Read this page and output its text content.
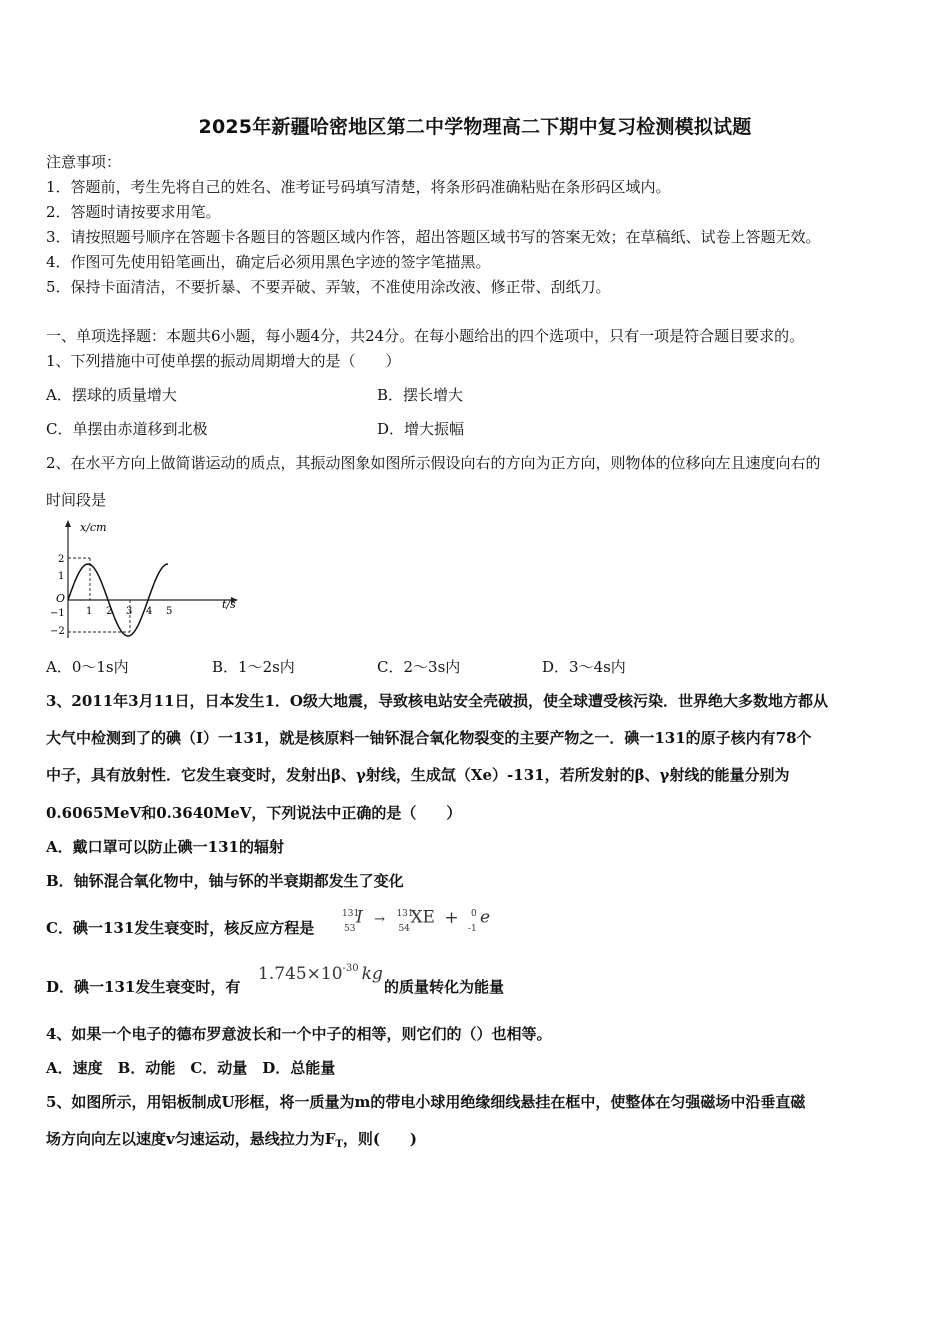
2025年新疆哈密地区第二中学物理高二下期中复习检测模拟试题
注意事项：
1．答题前，考生先将自己的姓名、准考证号码填写清楚，将条形码准确粘贴在条形码区域内。
2．答题时请按要求用笔。
3．请按照题号顺序在答题卡各题目的答题区域内作答，超出答题区域书写的答案无效；在草稿纸、试卷上答题无效。
4．作图可先使用铅笔画出，确定后必须用黑色字迹的签字笔描黑。
5．保持卡面清洁，不要折暴、不要弄破、弄皱，不准使用涂改液、修正带、刮纸刀。
一、单项选择题：本题共6小题，每小题4分，共24分。在每小题给出的四个选项中，只有一项是符合题目要求的。
1、下列措施中可使单摆的振动周期增大的是（　　）
A．摆球的质量增大	B．摆长增大
C．单摆由赤道移到北极	D．增大振幅
2、在水平方向上做简谐运动的质点，其振动图象如图所示假设向右的方向为正方向，则物体的位移向左且速度向右的
时间段是
x/cm
t/s
O
2
1
−1
−2
1 2 3 4 5
A．0～1s内	B．1～2s内	C．2～3s内	D．3～4s内
3、2011年3月11日，日本发生1．O级大地震，导致核电站安全壳破损，使全球遭受核污染．世界绝大多数地方都从
大气中检测到了的碘（I）一131，就是核原料一铀钚混合氧化物裂变的主要产物之一．碘一131的原子核内有78个
中子，具有放射性．它发生衰变时，发射出β、γ射线，生成氙（Xe）-131，若所发射的β、γ射线的能量分别为
0.6065MeV和0.3640MeV，下列说法中正确的是（　　）
A．戴口罩可以防止碘一131的辐射
B．铀钚混合氧化物中，铀与钚的半衰期都发生了变化
C．碘一131发生衰变时，核反应方程是
131
53
I → 131
54
XE + 0
-1
e
D．碘一131发生衰变时，有
$1.745\times 10^{-30}$ kg
的质量转化为能量
4、如果一个电子的德布罗意波长和一个中子的相等，则它们的（）也相等。
A．速度　B．动能　C．动量　D．总能量
5、如图所示，用铝板制成U形框，将一质量为m的带电小球用绝缘细线悬挂在框中，使整体在匀强磁场中沿垂直磁
场方向向左以速度v匀速运动，悬线拉力为$F_T$，则(　　)
